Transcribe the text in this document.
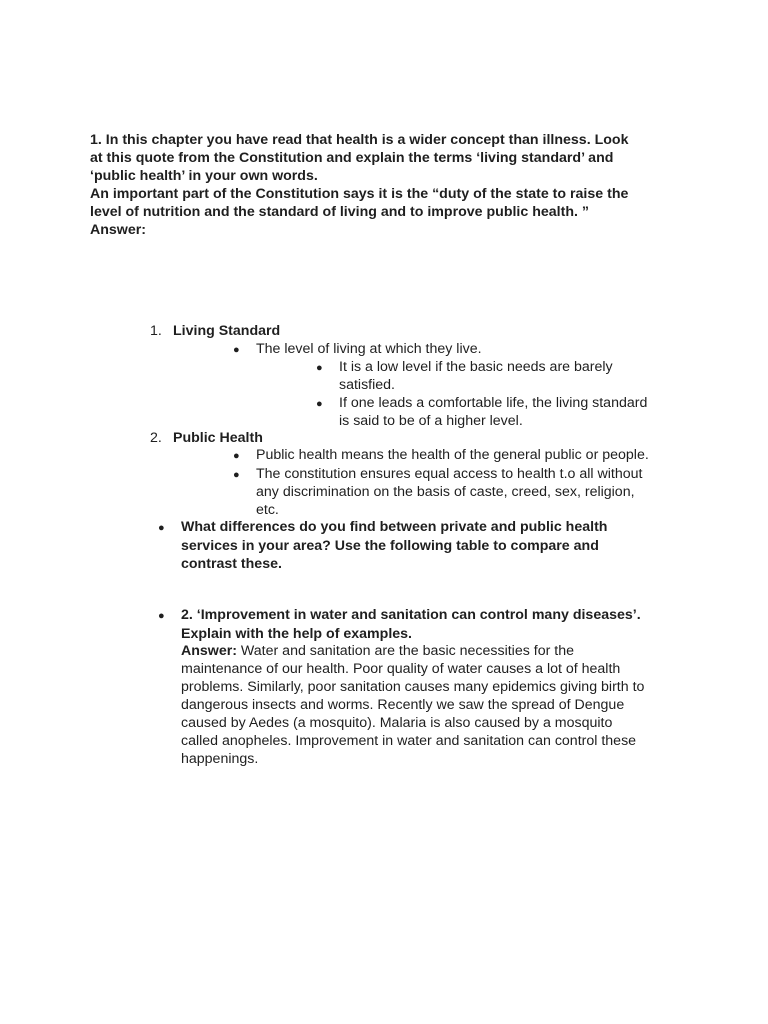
1. In this chapter you have read that health is a wider concept than illness. Look

at this quote from the Constitution and explain the terms ‘living standard’ and

‘public health’ in your own words.

An important part of the Constitution says it is the “duty of the state to raise the

level of nutrition and the standard of living and to improve public health. ”

Answer:

1. Living Standard
● The level of living at which they live.
● It is a low level if the basic needs are barely
satisfied.
● If one leads a comfortable life, the living standard
is said to be of a higher level.
2. Public Health
● Public health means the health of the general public or people.
● The constitution ensures equal access to health t.o all without
any discrimination on the basis of caste, creed, sex, religion,
etc.
● What differences do you find between private and public health
services in your area? Use the following table to compare and
contrast these.
● 2. ‘Improvement in water and sanitation can control many diseases’.
Explain with the help of examples.
Answer: Water and sanitation are the basic necessities for the
maintenance of our health. Poor quality of water causes a lot of health
problems. Similarly, poor sanitation causes many epidemics giving birth to
dangerous insects and worms. Recently we saw the spread of Dengue
caused by Aedes (a mosquito). Malaria is also caused by a mosquito
called anopheles. Improvement in water and sanitation can control these
happenings.
